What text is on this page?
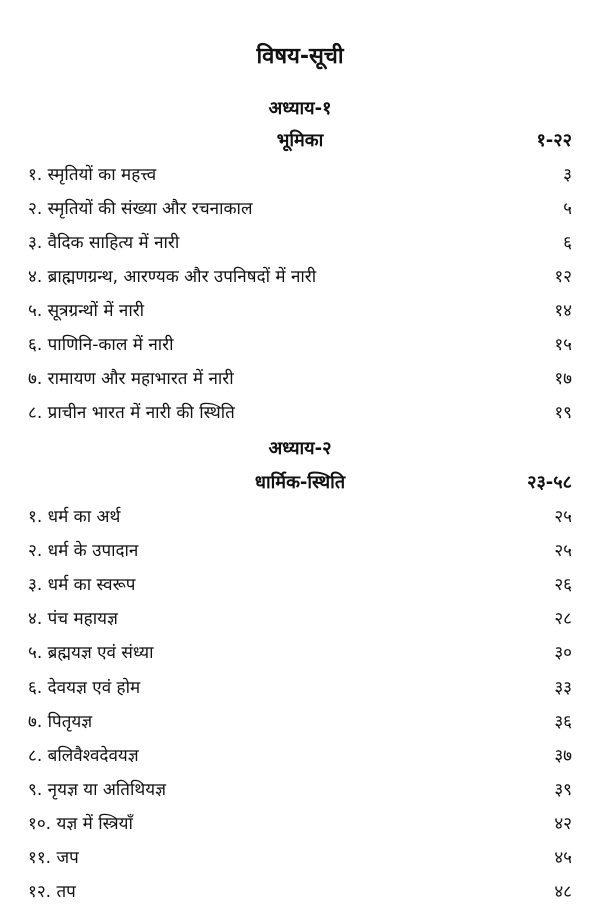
विषय-सूची
अध्याय-१
भूमिका	१-२२
१. स्मृतियों का महत्त्व	३
२. स्मृतियों की संख्या और रचनाकाल	५
३. वैदिक साहित्य में नारी	६
४. ब्राह्मणग्रन्थ, आरण्यक और उपनिषदों में नारी	१२
५. सूत्रग्रन्थों में नारी	१४
६. पाणिनि-काल में नारी	१५
७. रामायण और महाभारत में नारी	१७
८. प्राचीन भारत में नारी की स्थिति	१९
अध्याय-२
धार्मिक-स्थिति	२३-५८
१. धर्म का अर्थ	२५
२. धर्म के उपादान	२५
३. धर्म का स्वरूप	२६
४. पंच महायज्ञ	२८
५. ब्रह्मयज्ञ एवं संध्या	३०
६. देवयज्ञ एवं होम	३३
७. पितृयज्ञ	३६
८. बलिवैश्वदेवयज्ञ	३७
९. नृयज्ञ या अतिथियज्ञ	३९
१०. यज्ञ में स्त्रियाँ	४२
११. जप	४५
१२. तप	४८
